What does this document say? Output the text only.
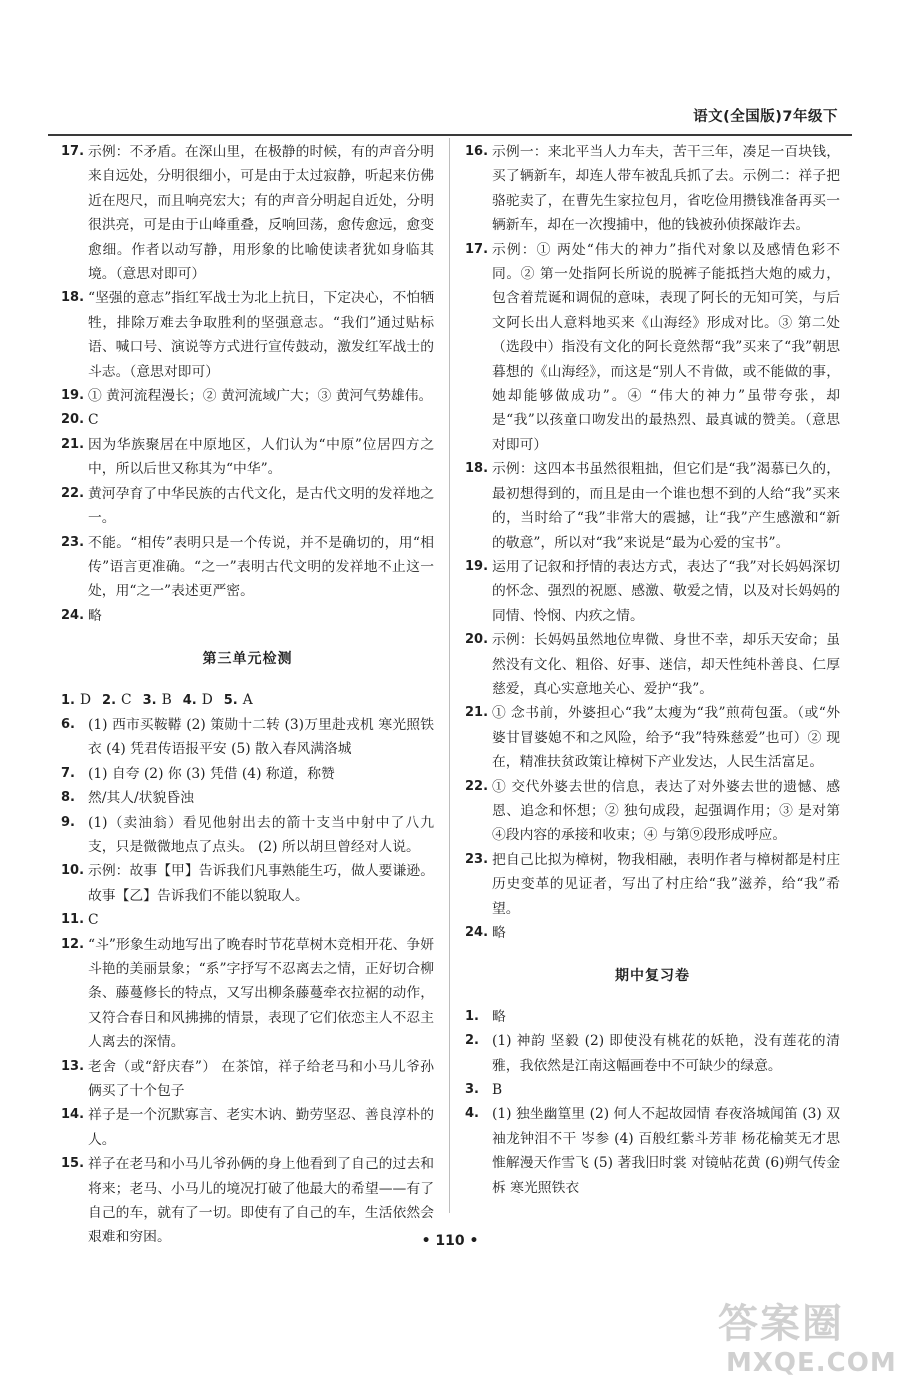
语文(全国版)7年级下
17. 示例：不矛盾。在深山里，在极静的时候，有的声音分明来自远处，分明很细小，可是由于太过寂静，听起来仿佛近在咫尺，而且响亮宏大；有的声音分明起自近处，分明很洪亮，可是由于山峰重叠，反响回荡，愈传愈远，愈变愈细。作者以动写静，用形象的比喻使读者犹如身临其境。（意思对即可）
18. “坚强的意志”指红军战士为北上抗日，下定决心，不怕牺牲，排除万难去争取胜利的坚强意志。“我们”通过贴标语、喊口号、演说等方式进行宣传鼓动，激发红军战士的斗志。（意思对即可）
19. ① 黄河流程漫长；② 黄河流域广大；③ 黄河气势雄伟。
20. C
21. 因为华族聚居在中原地区，人们认为“中原”位居四方之中，所以后世又称其为“中华”。
22. 黄河孕育了中华民族的古代文化，是古代文明的发祥地之一。
23. 不能。“相传”表明只是一个传说，并不是确切的，用“相传”语言更准确。“之一”表明古代文明的发祥地不止这一处，用“之一”表述更严密。
24. 略
第三单元检测
1. D 2. C 3. B 4. D 5. A
6. (1) 西市买鞍鞯 (2) 策勋十二转 (3)万里赴戎机 寒光照铁衣 (4) 凭君传语报平安 (5) 散入春风满洛城
7. (1) 自夸 (2) 你 (3) 凭借 (4) 称道，称赞
8. 然/其人/状貌昏浊
9. (1)（卖油翁）看见他射出去的箭十支当中射中了八九支，只是微微地点了点头。 (2) 所以胡旦曾经对人说。
10. 示例：故事【甲】告诉我们凡事熟能生巧，做人要谦逊。故事【乙】告诉我们不能以貌取人。
11. C
12. “斗”形象生动地写出了晚春时节花草树木竞相开花、争妍斗艳的美丽景象；“系”字抒写不忍离去之情，正好切合柳条、藤蔓修长的特点，又写出柳条藤蔓牵衣拉裾的动作，又符合春日和风拂拂的情景，表现了它们依恋主人不忍主人离去的深情。
13. 老舍（或“舒庆春”） 在茶馆，祥子给老马和小马儿爷孙俩买了十个包子
14. 祥子是一个沉默寡言、老实木讷、勤劳坚忍、善良淳朴的人。
15. 祥子在老马和小马儿爷孙俩的身上他看到了自己的过去和将来；老马、小马儿的境况打破了他最大的希望——有了自己的车，就有了一切。即使有了自己的车，生活依然会艰难和穷困。
16. 示例一：来北平当人力车夫，苦干三年，凑足一百块钱，买了辆新车，却连人带车被乱兵抓了去。示例二：祥子把骆驼卖了，在曹先生家拉包月，省吃俭用攒钱准备再买一辆新车，却在一次搜捕中，他的钱被孙侦探敲诈去。
17. 示例：① 两处“伟大的神力”指代对象以及感情色彩不同。② 第一处指阿长所说的脱裤子能抵挡大炮的威力，包含着荒诞和调侃的意味，表现了阿长的无知可笑，与后文阿长出人意料地买来《山海经》形成对比。③ 第二处（选段中）指没有文化的阿长竟然帮“我”买来了“我”朝思暮想的《山海经》，而这是“别人不肯做，或不能做的事，她却能够做成功”。④ “伟大的神力”虽带夸张，却是“我”以孩童口吻发出的最热烈、最真诚的赞美。（意思对即可）
18. 示例：这四本书虽然很粗拙，但它们是“我”渴慕已久的，最初想得到的，而且是由一个谁也想不到的人给“我”买来的，当时给了“我”非常大的震撼，让“我”产生感激和“新的敬意”，所以对“我”来说是“最为心爱的宝书”。
19. 运用了记叙和抒情的表达方式，表达了“我”对长妈妈深切的怀念、强烈的祝愿、感激、敬爱之情，以及对长妈妈的同情、怜悯、内疚之情。
20. 示例：长妈妈虽然地位卑微、身世不幸，却乐天安命；虽然没有文化、粗俗、好事、迷信，却天性纯朴善良、仁厚慈爱，真心实意地关心、爱护“我”。
21. ① 念书前，外婆担心“我”太瘦为“我”煎荷包蛋。（或“外婆甘冒婆媳不和之风险，给予“我”特殊慈爱”也可）② 现在，精准扶贫政策让樟树下产业发达，人民生活富足。
22. ① 交代外婆去世的信息，表达了对外婆去世的遗憾、感恩、追念和怀想；② 独句成段，起强调作用；③ 是对第④段内容的承接和收束；④ 与第⑨段形成呼应。
23. 把自己比拟为樟树，物我相融，表明作者与樟树都是村庄历史变革的见证者，写出了村庄给“我”滋养，给“我”希望。
24. 略
期中复习卷
1. 略
2. (1) 神韵 坚毅 (2) 即使没有桃花的妖艳，没有莲花的清雅，我依然是江南这幅画卷中不可缺少的绿意。
3. B
4. (1) 独坐幽篁里 (2) 何人不起故园情 春夜洛城闻笛 (3) 双袖龙钟泪不干 岑参 (4) 百般红紫斗芳菲 杨花榆荚无才思 惟解漫天作雪飞 (5) 著我旧时裳 对镜帖花黄 (6)朔气传金柝 寒光照铁衣
• 110 •
答案圈
MXQE.COM
